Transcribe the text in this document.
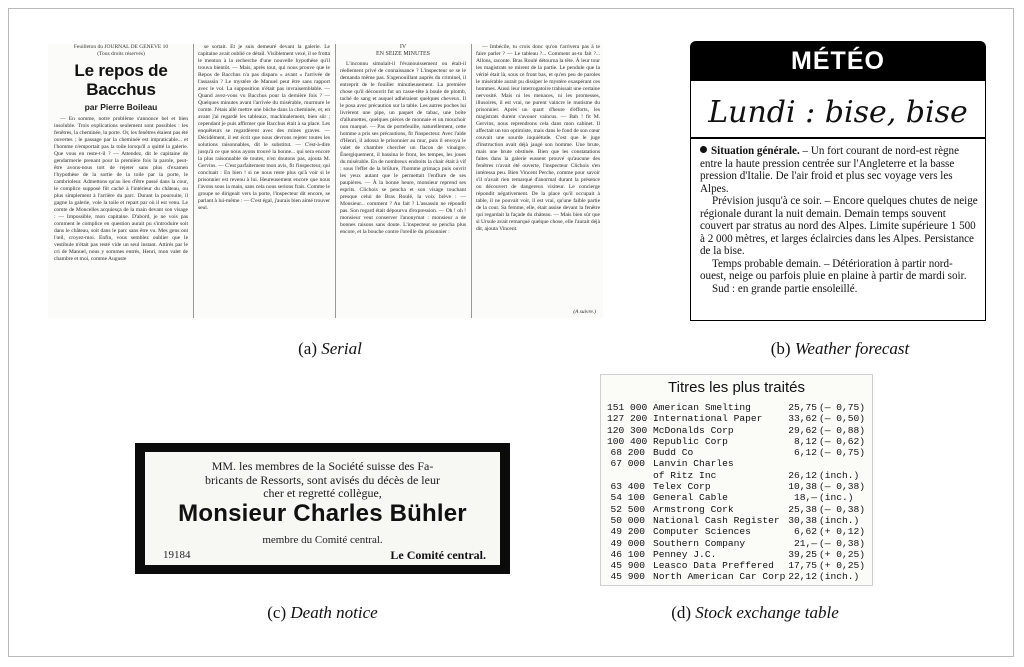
Feuilleton du JOURNAL DE GENEVE 10
(Tous droits réservés)
Le repos de Bacchus
par Pierre Boileau

— En somme, notre problème s'annonce bel et bien insoluble. Trois explications seulement sont possibles : les fenêtres, la cheminée, la porte. Or, les fenêtres étaient pas été ouvertes ; le passage par la cheminée est impraticable... et l'homme n'emportait pas la toile lorsqu'il a quitté la galerie. Que vous en reste-t-il ? — Attendez, dit le capitaine de gendarmerie prenant pour la première fois la parole, peut-être avons-nous tort de rejeter sans plus d'examen l'hypothèse de la sortie de la toile par la porte, le cambrioleur. Admettons qu'au lieu d'être passé dans la cour, le complice supposé fût caché à l'intérieur du château, ou plus simplement à l'arrière du parc. Durant la poursuite, il gagne la galerie, vole la toile et repart par où il est venu. Le comte de Moncelles acquiesça de la main devant son visage : — Impossible, mon capitaine. D'abord, je ne vois pas comment le complice en question aurait pu s'introduire soit dans le château, soit dans le parc sans être vu. Mes gens ont l'œil, croyez-moi. Enfin, vous semblez oublier que le vestibule n'était pas resté vide un seul instant. Attirés par le cri de Manuel, nous y sommes entrés, Henri, mon valet de chambre et moi, comme Auguste

se sortait. Et je suis demeuré devant la galerie. Le capitaine avait oublié ce détail. Visiblement vexé, il se frotta le menton à la recherche d'une nouvelle hypothèse qu'il trouva bientôt. — Mais, après tout, qui nous prouve que le Repos de Bacchus n'a pas disparu « avant » l'arrivée de l'assassin ? Le mystère de Manuel peut être sans rapport avec le vol. La supposition n'était pas invraisemblable. — Quand avez-vous vu Bacchus pour la dernière fois ? — Quelques minutes avant l'arrivée du misérable, murmure le comte. J'étais allé mettre une bûche dans la cheminée, et, en avant j'ai regardé les tableaux, machinalement, bien sûr ; cependant je puis affirmer que Bacchus était à sa place. Les enquêteurs se regardèrent avec des mines graves. — Décidément, il est écrit que nous devrons rejeter toutes les solutions raisonnables, dit le substitut. — C'est-à-dire jusqu'à ce que nous ayons trouvé la bonne... qui sera encore la plus raisonnable de toutes, n'en doutons pas, ajouta M. Gervins. — C'est parfaitement mon avis, fit l'inspecteur, qui concluait : En bien ! si ne nous reste plus qu'à voir si le prisonnier est revenu à lui. Heureusement encore que nous l'avons sous la main, sans cela nous serions frais. Comme le groupe se dirigeait vers la porte, l'inspecteur dit encore, se parlant à lui-même : — C'est égal, j'aurais bien aimé trouver seul.

IV
EN SEIZE MINUTES

L'inconnu simulait-il l'évanouissement ou était-il réellement privé de connaissance ? L'inspecteur se se le demanda même pas. S'agenouillant auprès du criminel, il entreprit de le fouiller minutieusement. La première chose qu'il découvrit fut un casse-tête à boule de plomb, taché de sang et auquel adhéraient quelques cheveux. Il le posa avec précaution sur la table. Les autres poches lui livrèrent une pipe, un paquet de tabac, une boîte d'allumettes, quelques pièces de monnaie et un mouchoir non marqué. — Pas de portefeuille, naturellement, cette homme a pris ses précautions, fit l'inspecteur. Avec l'aide d'Henri, il adossa le prisonnier au mur, puis il envoya le valet de chambre chercher un flacon de vinaigre. Énergiquement, il bassina le front, les tempes, les joues du misérable. En de nombreux endroits la chair était à vif : sous l'effet de la brûlure, l'homme grimaça puis ouvrit les yeux autant que le permettait l'enflure de ses paupières. — À la bonne heure, monsieur reprend ses esprits. Clichois se pencha et son visage touchant presque celui de Bras Roulé, la voix brève : — Monsieur... comment ? Au fait ? L'assassin ne répondit pas. Son regard était dépourvu d'expression. — Oh ! oh ! monsieur veut conserver l'anonymat : monsieur a de bonnes raisons sans doute. L'inspecteur se pencha plus encore, et la bouche contre l'oreille du prisonnier :

— Imbécile, tu crois donc qu'on t'arrivera pas à te faire parler ? — Le tableau ?... Comment as-tu fait ?... Allons, raconte. Bras Roulé détourna la tête. À leur tour les magistrats se mirent de la partie. Le pendule que la vérité était là, sous ce front bas, et qu'en peu de paroles le misérable aurait pu dissiper le mystère exaspérant ces hommes. Aussi leur interrogatoire trahissait une certaine nervosité. Mais ni les menaces, ni les promesses, illusoires, il est vrai, ne purent vaincre le mutisme du prisonnier. Après un quart d'heure d'efforts, les magistrats durent s'avouer vaincus. — Bah ! fit M. Gervins, nous reprendrons cela dans mon cabinet. Il affectait un ton optimiste, mais dans le fond de son cœur couvait une sourde inquiétude. C'est que le juge d'instruction avait déjà jaugé son homme. Une brute, mais une brute obstinée. Bien que les constatations faites dans la galerie eussent prouvé qu'aucune des fenêtres n'avait été ouverte, l'inspecteur Clichois s'en intéressa peu. Bien Vincent Perche, comme pour savoir s'il n'avait rien remarqué d'anormal durant la présence ou découvert de dangereux visiteur. Le concierge répondit négativement. De la place qu'il occupait à table, il ne pouvait voir, il est vrai, qu'une faible partie de la cour. Sa femme, elle, était assise devant la fenêtre qui regardait la façade du château. — Mais bien sûr que si Ursule avait remarqué quelque chose, elle l'aurait déjà dit, ajouta Vincent.

(A suivre.)
(a) Serial
MÉTÉO
Lundi : bise, bise

Situation générale. – Un fort courant de nord-est règne entre la haute pression centrée sur l'Angleterre et la basse pression d'Italie. De l'air froid et plus sec voyage vers les Alpes.

Prévision jusqu'à ce soir. – Encore quelques chutes de neige régionale durant la nuit demain. Demain temps souvent couvert par stratus au nord des Alpes. Limite supérieure 1 500 à 2 000 mètres, et larges éclaircies dans les Alpes. Persistance de la bise.

Temps probable demain. – Détérioration à partir nord-ouest, neige ou parfois pluie en plaine à partir de mardi soir.

Sud : en grande partie ensoleillé.

(b) Weather forecast
MM. les membres de la Société suisse des Fa-
bricants de Ressorts, sont avisés du décès de leur
cher et regretté collègue,
Monsieur Charles Bühler
membre du Comité central.
19184	Le Comité central.
(c) Death notice
Titres les plus traités
151 000 American Smelting	25,75 (— 0,75)
127 200 International Paper	33,62 (— 0,50)
120 300 McDonalds Corp	29,62 (— 0,88)
100 400 Republic Corp	8,12 (— 0,62)
68 200 Budd Co	6,12 (— 0,75)
67 000 Lanvin Charles
of Ritz Inc	26,12 (inch.)
63 400 Telex Corp	10,38 (— 0,38)
54 100 General Cable	18,— (inc.)
52 500 Armstrong Cork	25,38 (— 0,38)
50 000 National Cash Register 30,38 (inch.)
49 200 Computer Sciences	6,62 (+ 0,12)
49 000 Southern Company	21,— (— 0,38)
46 100 Penney J.C.	39,25 (+ 0,25)
45 900 Leasco Data Preffered 17,75 (+ 0,25)
45 900 North American Car Corp 22,12 (inch.)
(d) Stock exchange table
